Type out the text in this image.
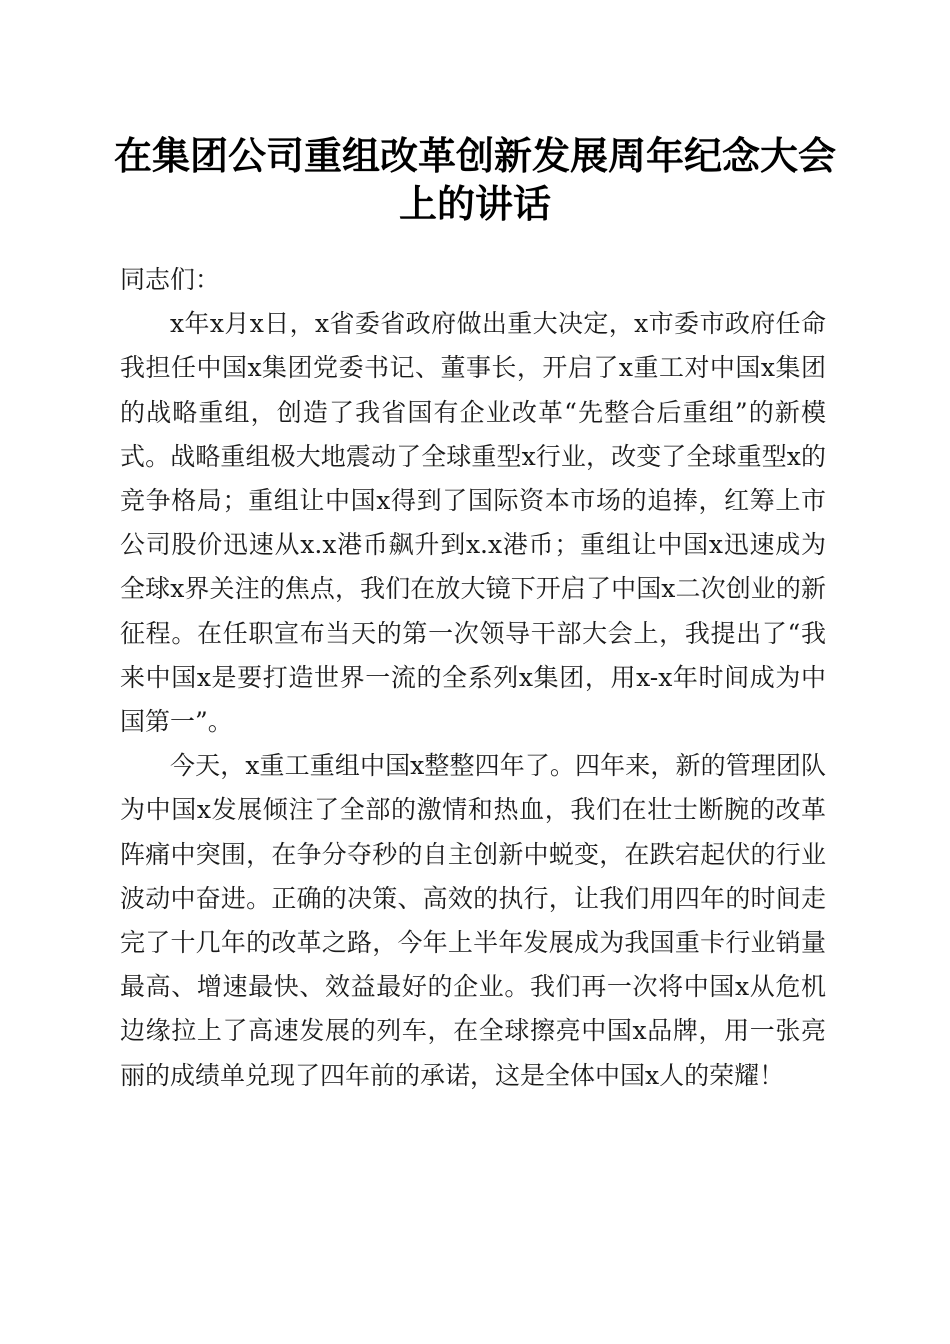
在集团公司重组改革创新发展周年纪念大会上的讲话

同志们：

x年x月x日，x省委省政府做出重大决定，x市委市政府任命我担任中国x集团党委书记、董事长，开启了x重工对中国x集团的战略重组，创造了我省国有企业改革“先整合后重组”的新模式。战略重组极大地震动了全球重型x行业，改变了全球重型x的竞争格局；重组让中国x得到了国际资本市场的追捧，红筹上市公司股价迅速从x.x港币飙升到x.x港币；重组让中国x迅速成为全球x界关注的焦点，我们在放大镜下开启了中国x二次创业的新征程。在任职宣布当天的第一次领导干部大会上，我提出了“我来中国x是要打造世界一流的全系列x集团，用x-x年时间成为中国第一”。

今天，x重工重组中国x整整四年了。四年来，新的管理团队为中国x发展倾注了全部的激情和热血，我们在壮士断腕的改革阵痛中突围，在争分夺秒的自主创新中蜕变，在跌宕起伏的行业波动中奋进。正确的决策、高效的执行，让我们用四年的时间走完了十几年的改革之路，今年上半年发展成为我国重卡行业销量最高、增速最快、效益最好的企业。我们再一次将中国x从危机边缘拉上了高速发展的列车，在全球擦亮中国x品牌，用一张亮丽的成绩单兑现了四年前的承诺，这是全体中国x人的荣耀！
